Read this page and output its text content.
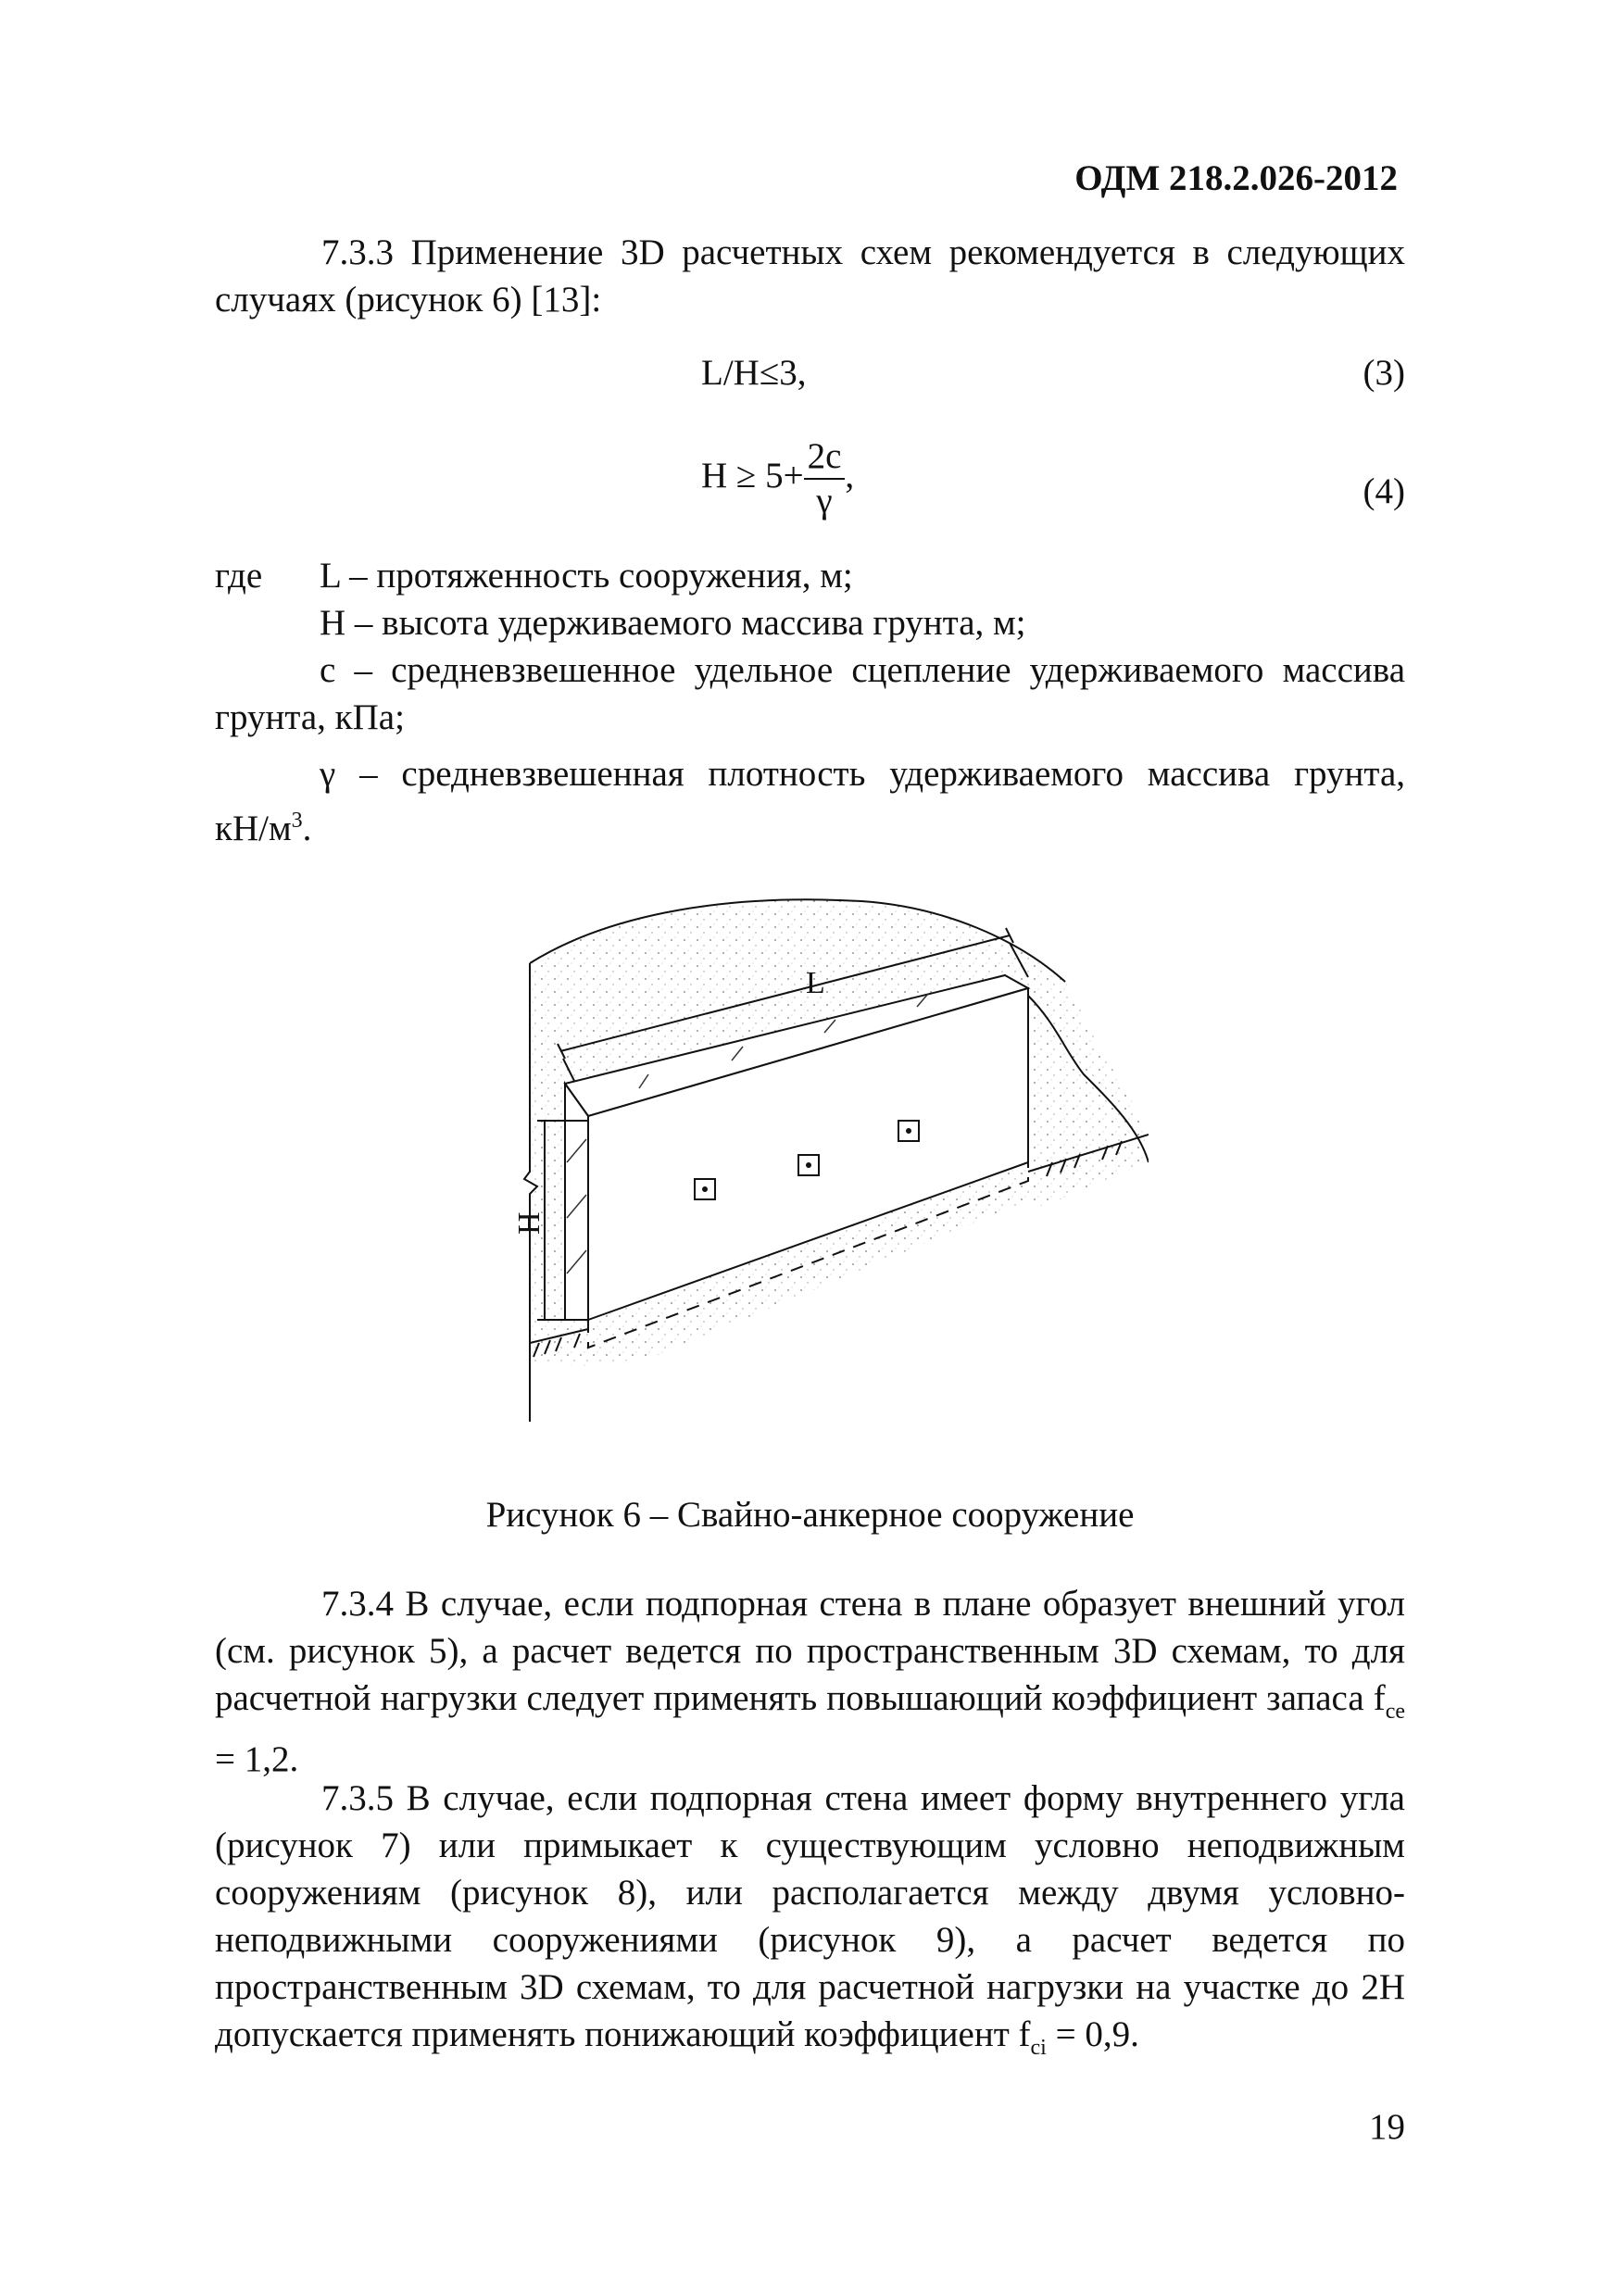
ОДМ 218.2.026-2012
7.3.3 Применение 3D расчетных схем рекомендуется в следующих случаях (рисунок 6) [13]:
L/H≤3,	(3)
$H \ge 5+ \frac{2c}{\gamma}$ ,	(4)
где L – протяженность сооружения, м;
H – высота удерживаемого массива грунта, м;
c – средневзвешенное удельное сцепление удерживаемого массива
грунта, кПа;
γ – средневзвешенная плотность удерживаемого массива грунта,
$кН/м^3$.
L
H
Рисунок 6 – Свайно-анкерное сооружение
7.3.4 В случае, если подпорная стена в плане образует внешний угол (см. рисунок 5), а расчет ведется по пространственным 3D схемам, то для расчетной нагрузки следует применять повышающий коэффициент запаса $f_{ce} = 1,2$.
7.3.5 В случае, если подпорная стена имеет форму внутреннего угла (рисунок 7) или примыкает к существующим условно неподвижным сооружениям (рисунок 8), или располагается между двумя условно-неподвижными сооружениями (рисунок 9), а расчет ведется по пространственным 3D схемам, то для расчетной нагрузки на участке до 2H допускается применять понижающий коэффициент $f_{ci} = 0,9$.
19
